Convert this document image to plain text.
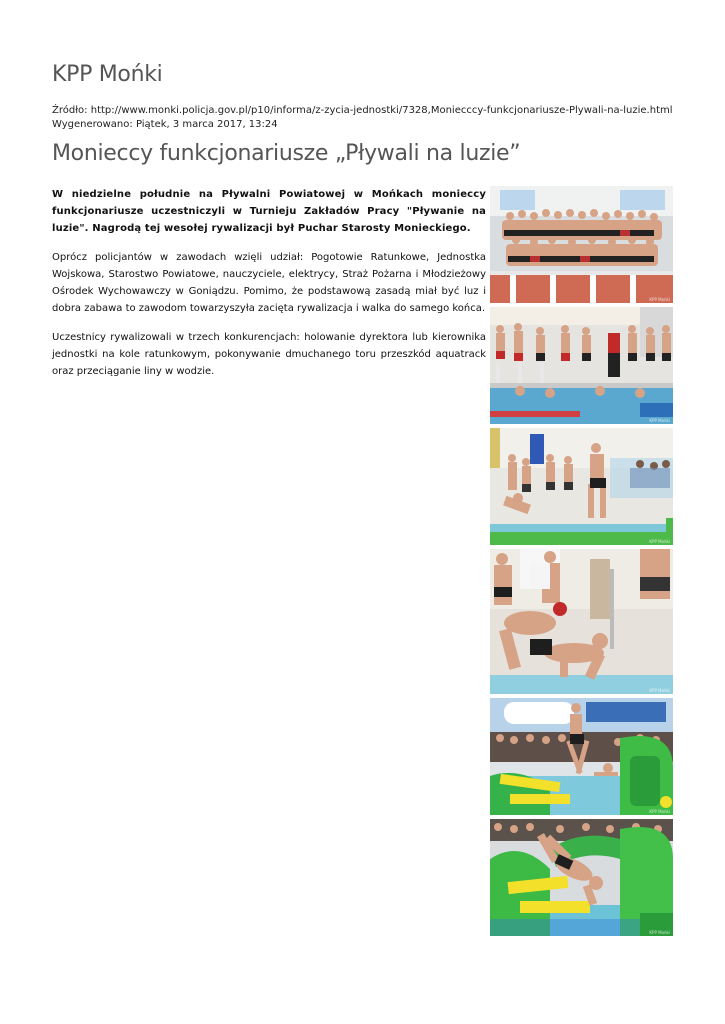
KPP Mońki
Źródło: http://www.monki.policja.gov.pl/p10/informa/z-zycia-jednostki/7328,Moniecccy-funkcjonariusze-Plywali-na-luzie.html
Wygenerowano: Piątek, 3 marca 2017, 13:24
Monieccy funkcjonariusze „Pływali na luzie”

W niedzielne południe na Pływalni Powiatowej w Mońkach monieccy funkcjonariusze uczestniczyli w Turnieju Zakładów Pracy "Pływanie na luzie". Nagrodą tej wesołej rywalizacji był Puchar Starosty Monieckiego.

Oprócz policjantów w zawodach wzięli udział: Pogotowie Ratunkowe, Jednostka Wojskowa, Starostwo Powiatowe, nauczyciele, elektrycy, Straż Pożarna i Młodzieżowy Ośrodek Wychowawczy w Goniądzu. Pomimo, że podstawową zasadą miał być luz i dobra zabawa to zawodom towarzyszyła zacięta rywalizacja i walka do samego końca.

Uczestnicy rywalizowali w trzech konkurencjach: holowanie dyrektora lub kierownika jednostki na kole ratunkowym, pokonywanie dmuchanego toru przeszkód aquatrack oraz przeciąganie liny w wodzie.

KPP Mońki
KPP Mońki
KPP Mońki
KPP Mońki
KPP Mońki
KPP Mońki
